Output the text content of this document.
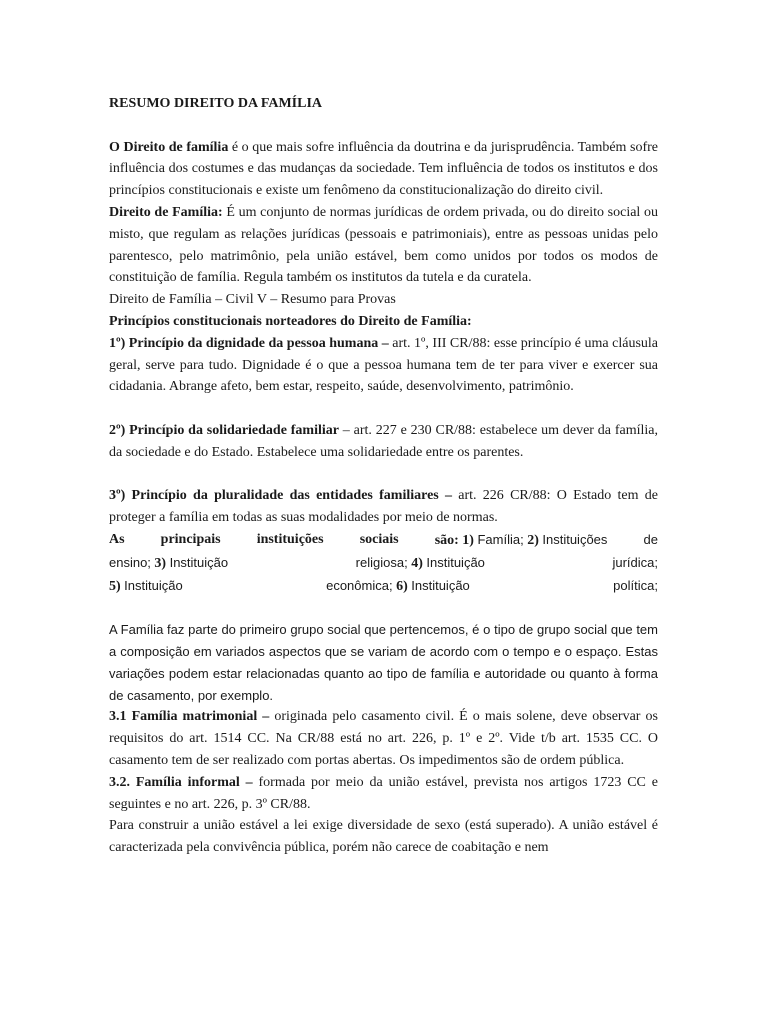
RESUMO DIREITO DA FAMÍLIA

O Direito de família é o que mais sofre influência da doutrina e da jurisprudência. Também sofre influência dos costumes e das mudanças da sociedade. Tem influência de todos os institutos e dos princípios constitucionais e existe um fenômeno da constitucionalização do direito civil.

Direito de Família: É um conjunto de normas jurídicas de ordem privada, ou do direito social ou misto, que regulam as relações jurídicas (pessoais e patrimoniais), entre as pessoas unidas pelo parentesco, pelo matrimônio, pela união estável, bem como unidos por todos os modos de constituição de família. Regula também os institutos da tutela e da curatela.

Direito de Família – Civil V – Resumo para Provas

Princípios constitucionais norteadores do Direito de Família:

1º) Princípio da dignidade da pessoa humana – art. 1º, III CR/88: esse princípio é uma cláusula geral, serve para tudo. Dignidade é o que a pessoa humana tem de ter para viver e exercer sua cidadania. Abrange afeto, bem estar, respeito, saúde, desenvolvimento, patrimônio.

2º) Princípio da solidariedade familiar – art. 227 e 230 CR/88: estabelece um dever da família, da sociedade e do Estado. Estabelece uma solidariedade entre os parentes.

3º) Princípio da pluralidade das entidades familiares – art. 226 CR/88: O Estado tem de proteger a família em todas as suas modalidades por meio de normas.

As	principais	instituições	sociais	são: 1) Família; 2) Instituições	de
ensino; 3) Instituição	religiosa; 4) Instituição	jurídica;
5) Instituição	econômica; 6) Instituição	política;

A Família faz parte do primeiro grupo social que pertencemos, é o tipo de grupo social que tem a composição em variados aspectos que se variam de acordo com o tempo e o espaço. Estas variações podem estar relacionadas quanto ao tipo de família e autoridade ou quanto à forma de casamento, por exemplo.

3.1 Família matrimonial – originada pelo casamento civil. É o mais solene, deve observar os requisitos do art. 1514 CC. Na CR/88 está no art. 226, p. 1º e 2º. Vide t/b art. 1535 CC. O casamento tem de ser realizado com portas abertas. Os impedimentos são de ordem pública.

3.2. Família informal – formada por meio da união estável, prevista nos artigos 1723 CC e seguintes e no art. 226, p. 3º CR/88.

Para construir a união estável a lei exige diversidade de sexo (está superado). A união estável é caracterizada pela convivência pública, porém não carece de coabitação e nem
